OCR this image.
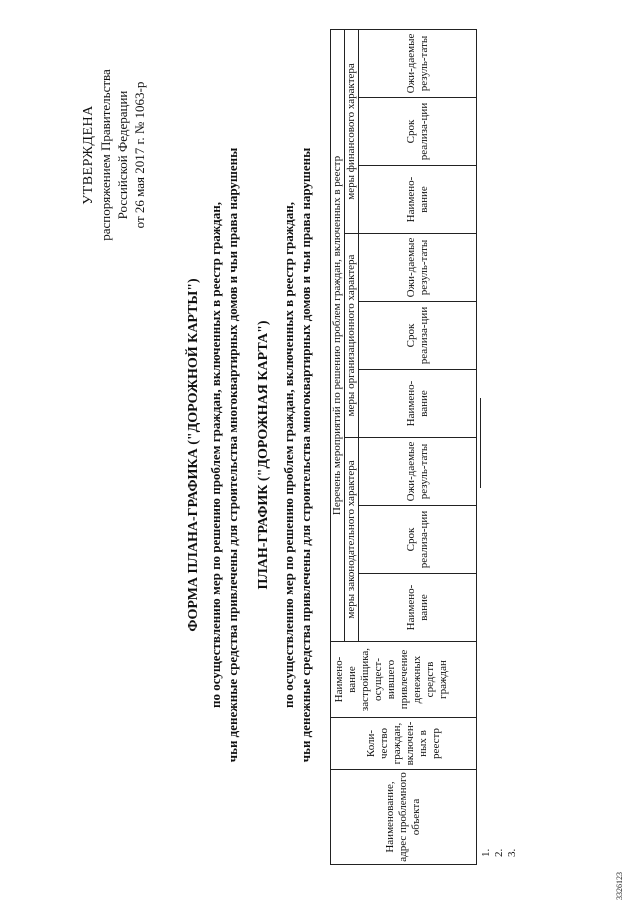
УТВЕРЖДЕНА распоряжением Правительства Российской Федерации от 26 мая 2017 г. № 1063-р
ФОРМА ПЛАНА-ГРАФИКА ("ДОРОЖНОЙ КАРТЫ") по осуществлению мер по решению проблем граждан, включенных в реестр граждан, чьи денежные средства привлечены для строительства многоквартирных домов и чьи права нарушены ПЛАН-ГРАФИК ("ДОРОЖНАЯ КАРТА") по осуществлению мер по решению проблем граждан, включенных в реестр граждан, чьи денежные средства привлечены для строительства многоквартирных домов и чьи права нарушены
Наименование, адрес проблемного объекта	Коли-чество граждан, включен-ных в реестр	Наимено-вание застройщика, осущест-вившего привлечение денежных средств граждан	Перечень мероприятий по решению проблем граждан, включенных в реестр								
			меры законодательного характера			меры организационного характера			меры финансового характера		
			Наимено-вание	Срок реализа-ции	Ожи-даемые резуль-таты	Наимено-вание	Срок реализа-ции	Ожи-даемые резуль-таты	Наимено-вание	Срок реализа-ции	Ожи-даемые резуль-таты
1. 2. 3.
3326123
